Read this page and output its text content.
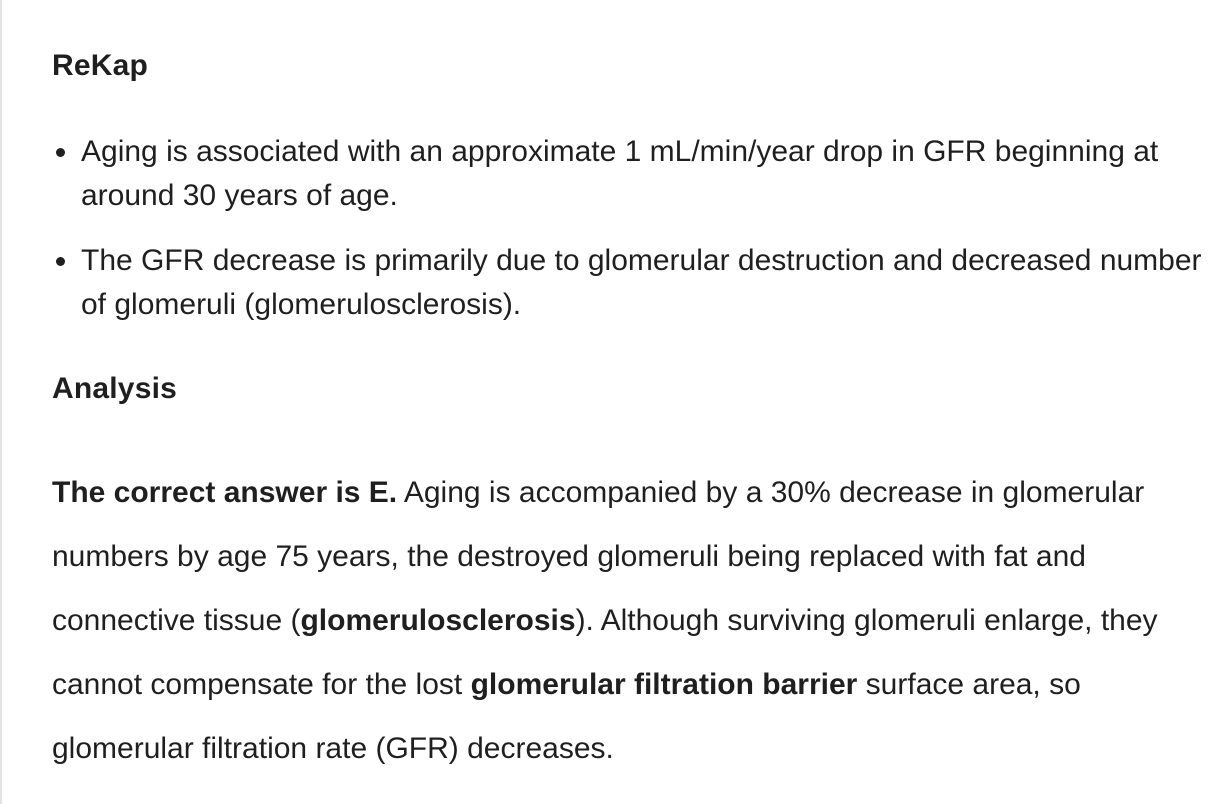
ReKap
Aging is associated with an approximate 1 mL/min/year drop in GFR beginning at around 30 years of age.
The GFR decrease is primarily due to glomerular destruction and decreased number of glomeruli (glomerulosclerosis).
Analysis

The correct answer is E. Aging is accompanied by a 30% decrease in glomerular numbers by age 75 years, the destroyed glomeruli being replaced with fat and connective tissue (glomerulosclerosis). Although surviving glomeruli enlarge, they cannot compensate for the lost glomerular filtration barrier surface area, so glomerular filtration rate (GFR) decreases.
